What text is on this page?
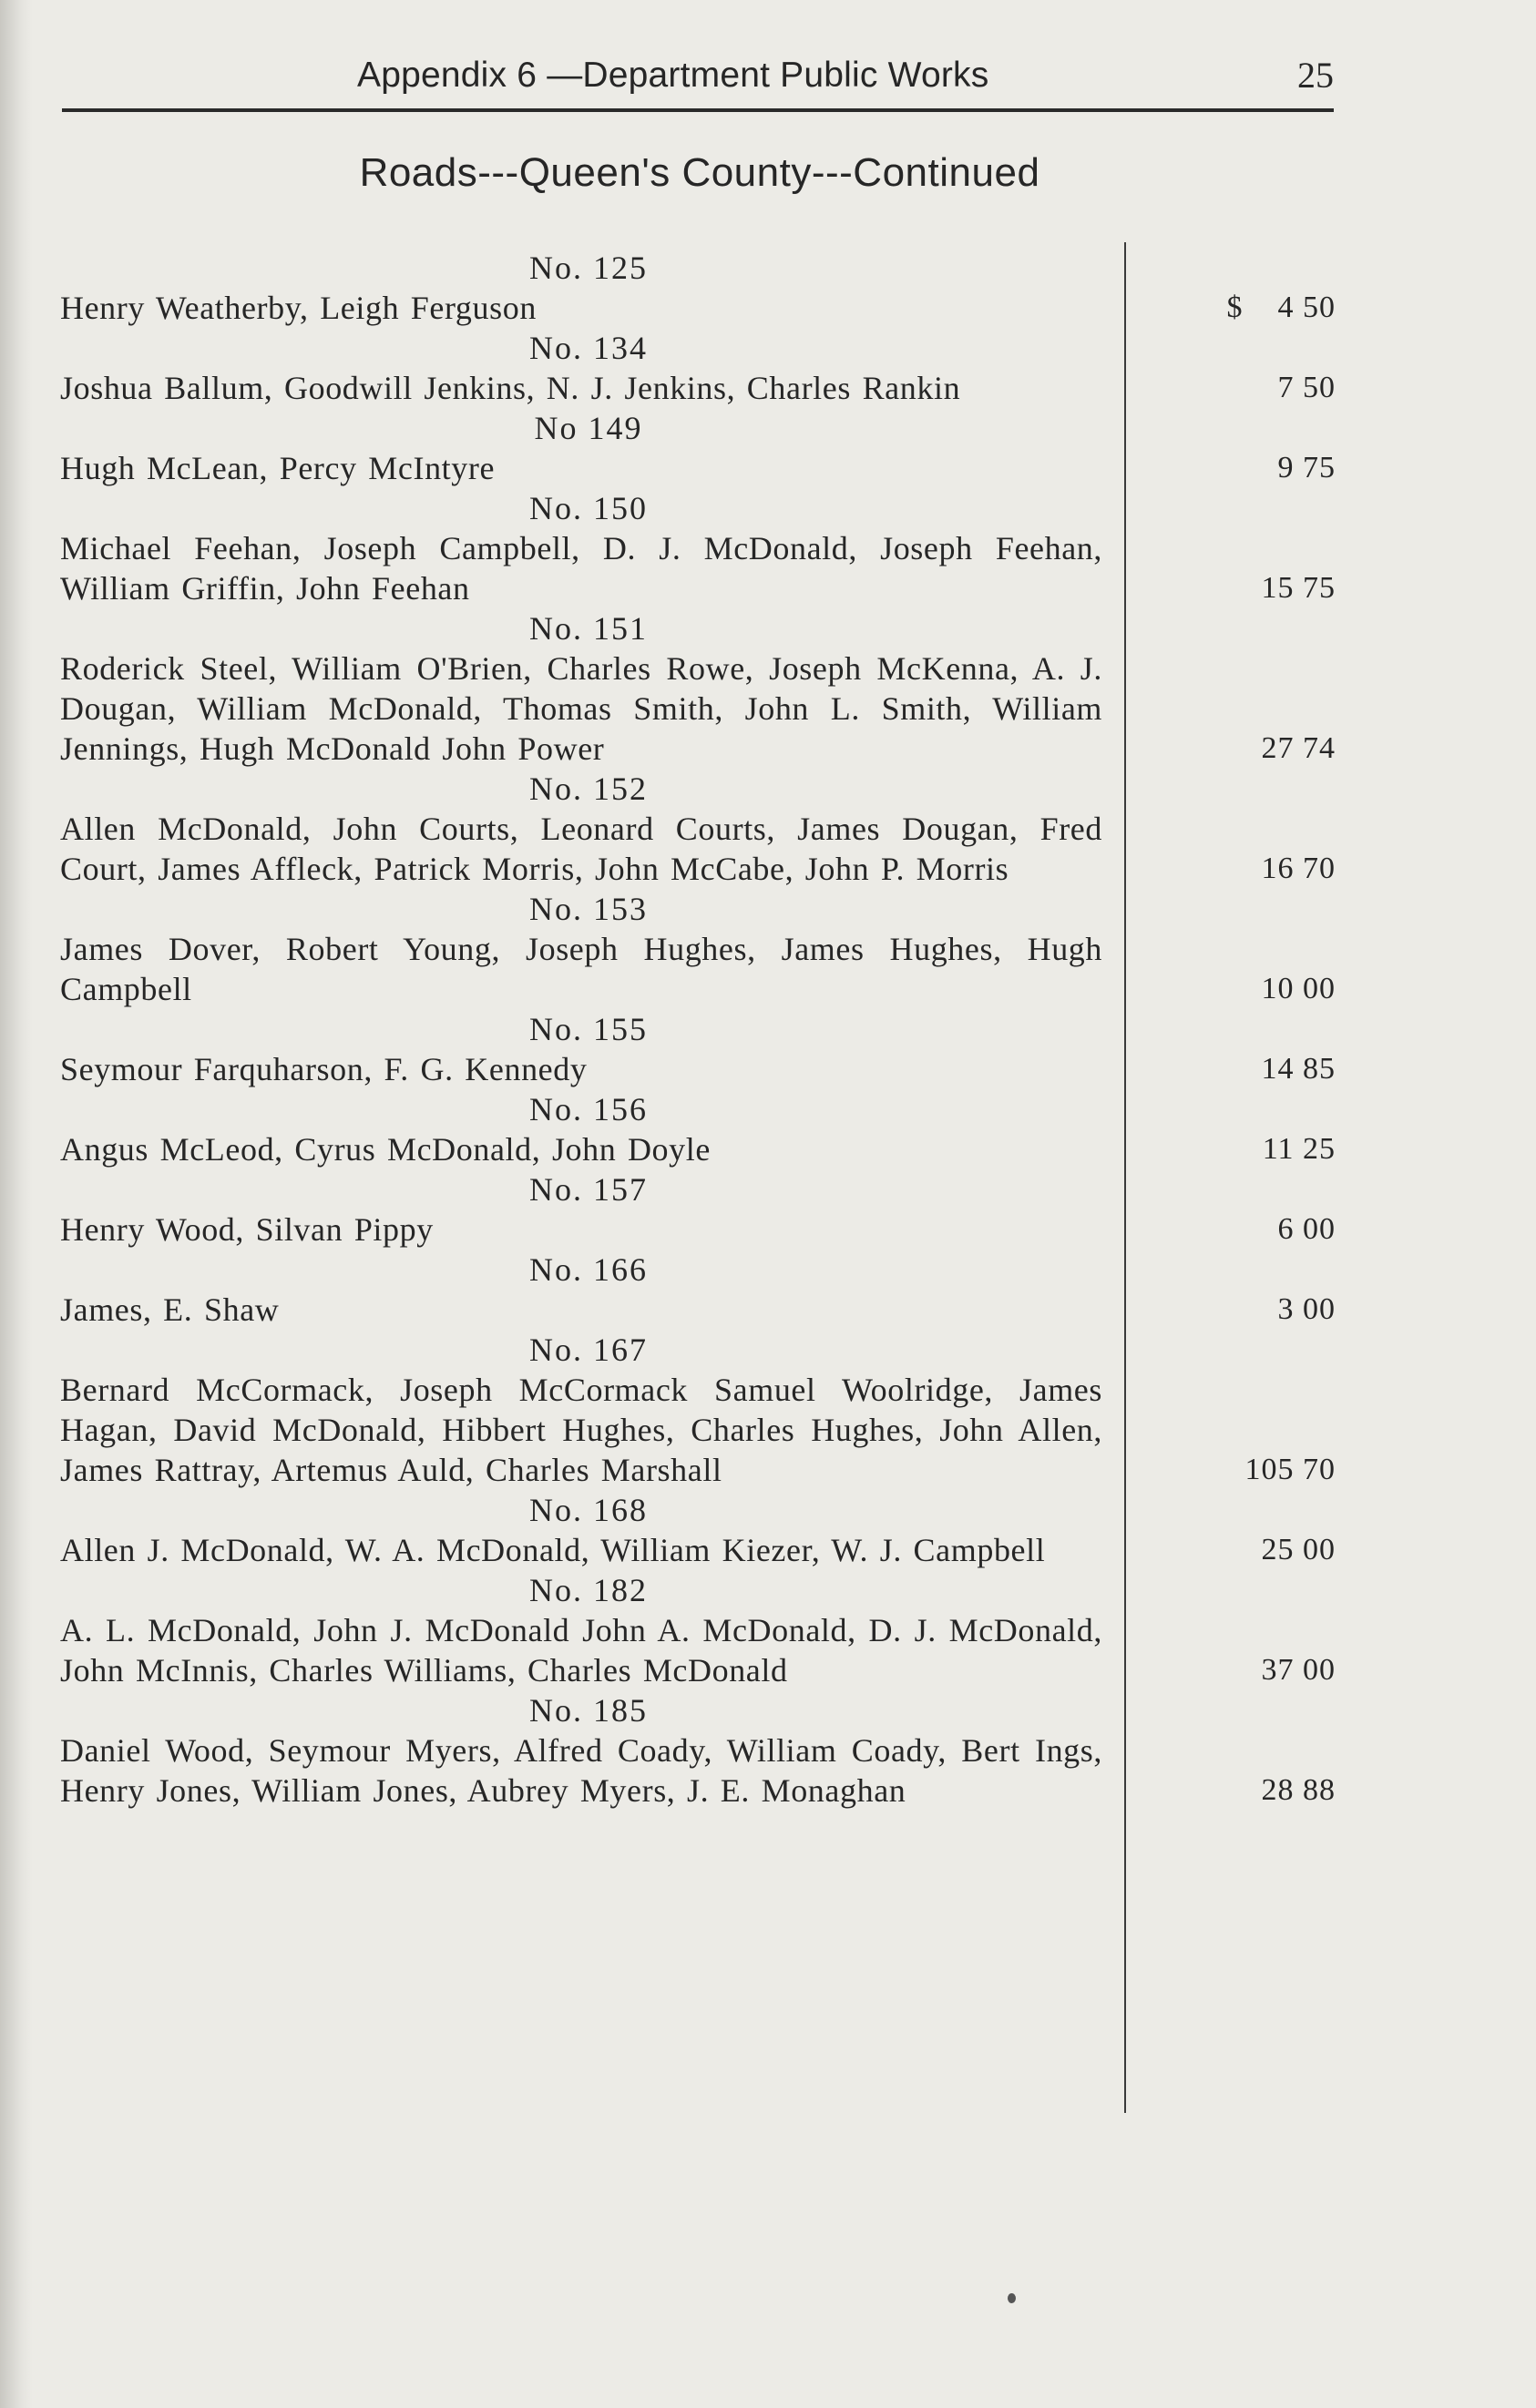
Appendix 6 —Department Public Works	25
Roads---Queen's County---Continued
No. 125
Henry Weatherby, Leigh Ferguson	$ 4 50
No. 134
Joshua Ballum, Goodwill Jenkins, N. J. Jenkins, Charles Rankin	7 50
No 149
Hugh McLean, Percy McIntyre	9 75
No. 150
Michael Feehan, Joseph Campbell, D. J. McDonald, Joseph Feehan, William Griffin, John Feehan	15 75
No. 151
Roderick Steel, William O'Brien, Charles Rowe, Joseph McKenna, A. J. Dougan, William McDonald, Thomas Smith, John L. Smith, William Jennings, Hugh McDonald John Power	27 74
No. 152
Allen McDonald, John Courts, Leonard Courts, James Dougan, Fred Court, James Affleck, Patrick Morris, John McCabe, John P. Morris	16 70
No. 153
James Dover, Robert Young, Joseph Hughes, James Hughes, Hugh Campbell	10 00
No. 155
Seymour Farquharson, F. G. Kennedy	14 85
No. 156
Angus McLeod, Cyrus McDonald, John Doyle	11 25
No. 157
Henry Wood, Silvan Pippy	6 00
No. 166
James, E. Shaw	3 00
No. 167
Bernard McCormack, Joseph McCormack Samuel Woolridge, James Hagan, David McDonald, Hibbert Hughes, Charles Hughes, John Allen, James Rattray, Artemus Auld, Charles Marshall	105 70
No. 168
Allen J. McDonald, W. A. McDonald, William Kiezer, W. J. Campbell	25 00
No. 182
A. L. McDonald, John J. McDonald John A. McDonald, D. J. McDonald, John McInnis, Charles Williams, Charles McDonald	37 00
No. 185
Daniel Wood, Seymour Myers, Alfred Coady, William Coady, Bert Ings, Henry Jones, William Jones, Aubrey Myers, J. E. Monaghan	28 88
